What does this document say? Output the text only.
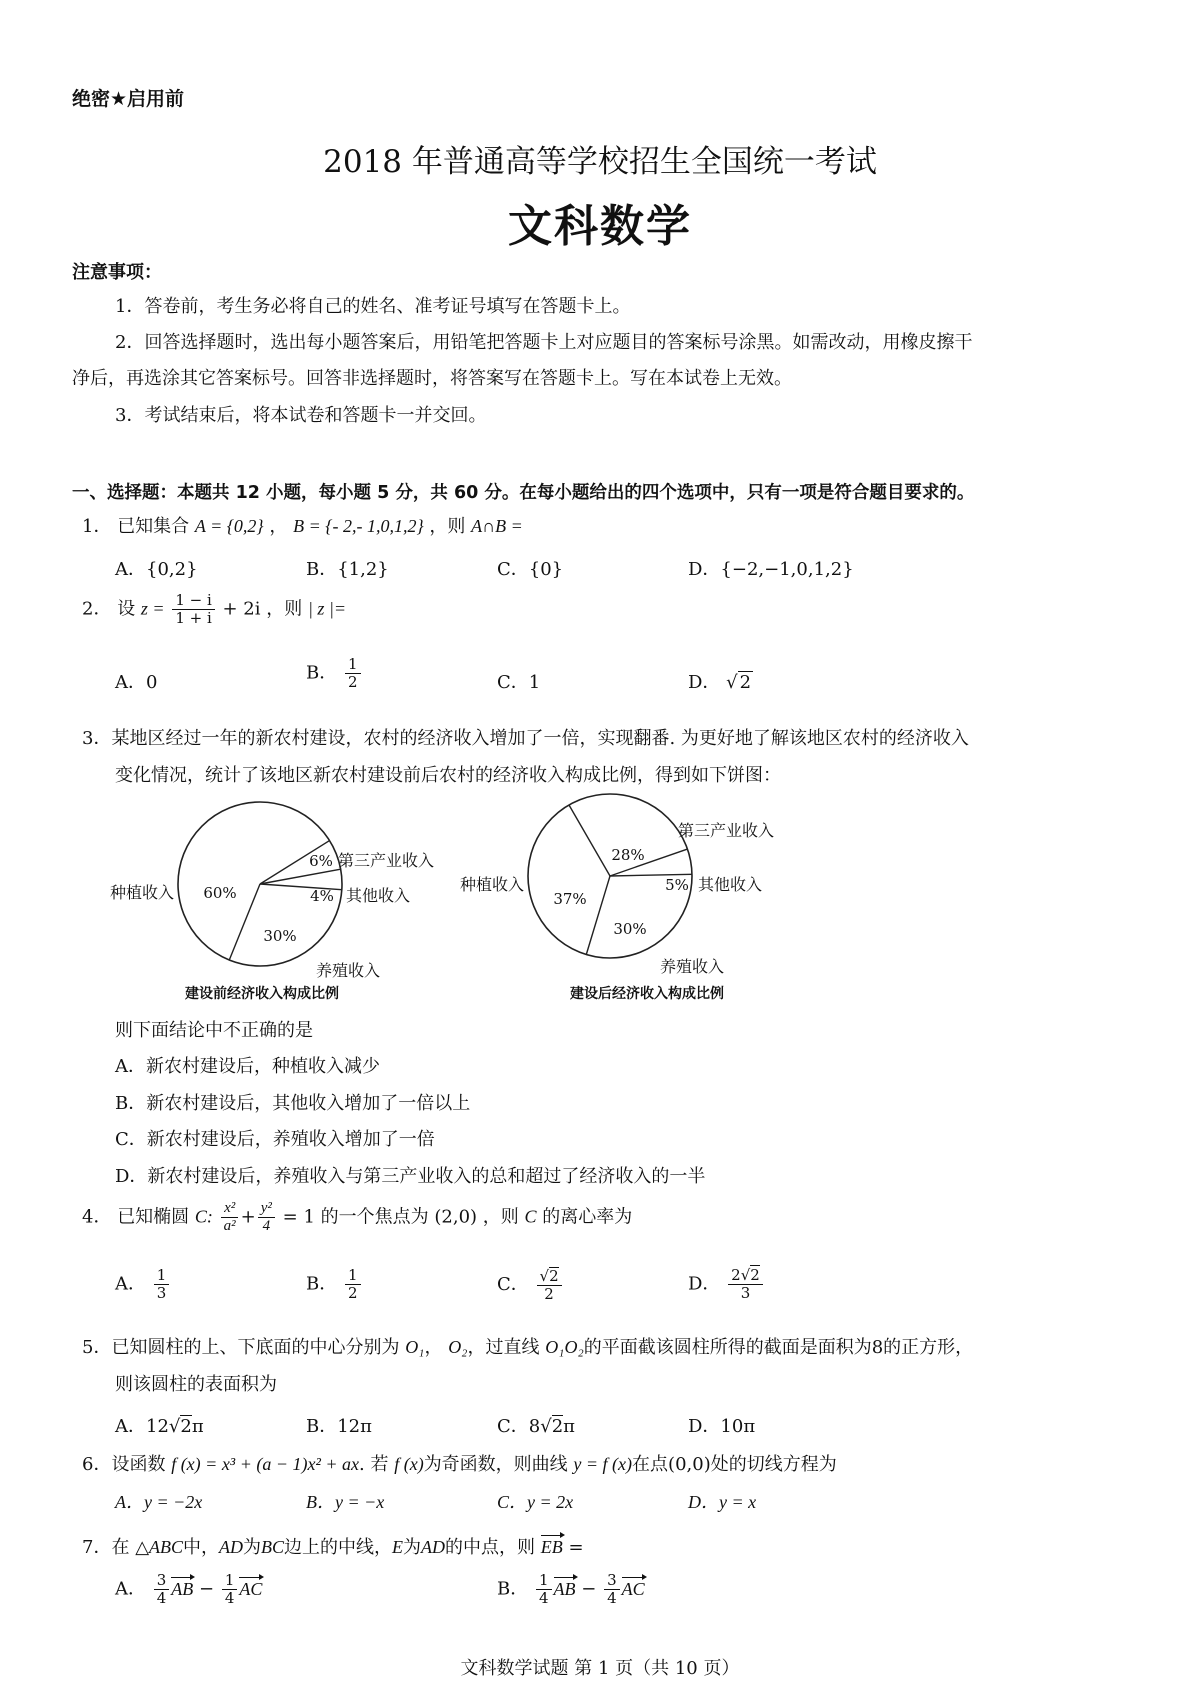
绝密★启用前
2018 年普通高等学校招生全国统一考试
文科数学
注意事项：
1．答卷前，考生务必将自己的姓名、准考证号填写在答题卡上。
2．回答选择题时，选出每小题答案后，用铅笔把答题卡上对应题目的答案标号涂黑。如需改动，用橡皮擦干
净后，再选涂其它答案标号。回答非选择题时，将答案写在答题卡上。写在本试卷上无效。
3．考试结束后，将本试卷和答题卡一并交回。
一、选择题：本题共 12 小题，每小题 5 分，共 60 分。在每小题给出的四个选项中，只有一项是符合题目要求的。
1． 已知集合 A = {0,2} ， B = {- 2,- 1,0,1,2} ，则 A∩B =
A．{0,2}	B．{1,2}	C．{0}	D．{−2,−1,0,1,2}
2． 设 $z = \frac{1 - i}{1 + i} + 2i$ ，则 | z |=
A．0	B． $\frac{1}{2}$	C．1	D． √ 2
3．某地区经过一年的新农村建设，农村的经济收入增加了一倍，实现翻番. 为更好地了解该地区农村的经济收入
变化情况，统计了该地区新农村建设前后农村的经济收入构成比例，得到如下饼图：
60%
种植收入
6% 第三产业收入
4% 其他收入
30%
养殖收入
37%
种植收入
28%
第三产业收入
5% 其他收入
30%
养殖收入
建设前经济收入构成比例	建设后经济收入构成比例
则下面结论中不正确的是
A．新农村建设后，种植收入减少
B．新农村建设后，其他收入增加了一倍以上
C．新农村建设后，养殖收入增加了一倍
D．新农村建设后，养殖收入与第三产业收入的总和超过了经济收入的一半
4． 已知椭圆 C: $\frac{\text{x²}}{\text{a²}} + \frac{\text{y²}}{4} = 1$ 的一个焦点为 (2,0) ，则 C 的离心率为
A． $\frac{1}{3}$	B． $\frac{1}{2}$	C． $\frac{√2}{2}$	D． $\frac{2√2}{3}$
5．已知圆柱的上、下底面的中心分别为 O₁， O₂，过直线 O₁O₂的平面截该圆柱所得的截面是面积为8的正方形，
则该圆柱的表面积为
A．12√2π	B．12π	C．8√2π	D．10π
6．设函数 f (x) = x³ + (a − 1)x² + ax. 若 f (x)为奇函数，则曲线 y = f (x)在点(0,0)处的切线方程为
A．y = −2x	B．y = −x	C．y = 2x	D．y = x
7．在 △ABC中，AD为BC边上的中线，E为AD的中点，则 EB =
A． $\frac{3}{4}$ AB − $\frac{1}{4}$ AC	B． $\frac{1}{4}$ AB − $\frac{3}{4}$ AC
文科数学试题 第 1 页（共 10 页）
